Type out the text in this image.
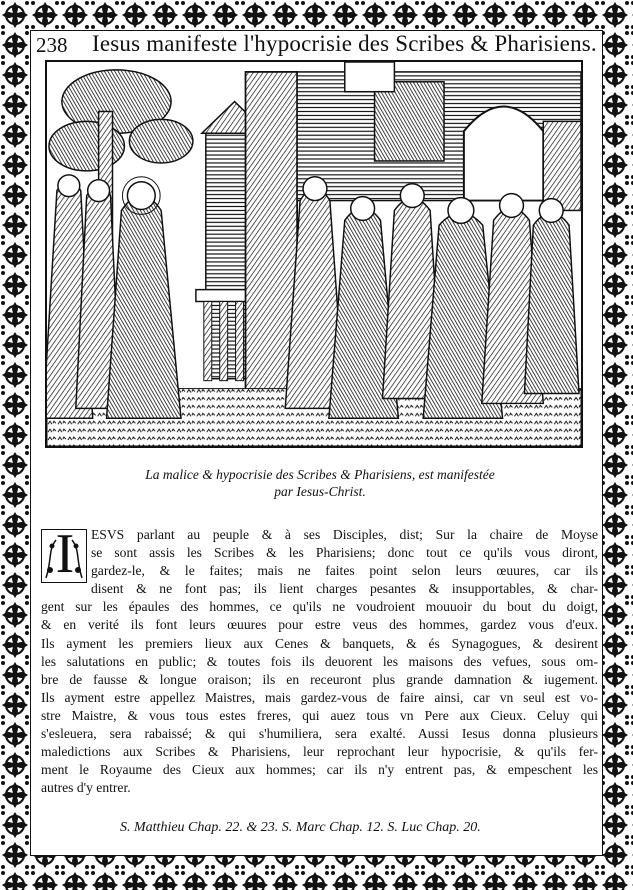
238 Iesus manifeste l'hypocrisie des Scribes & Pharisiens.
La malice & hypocrisie des Scribes & Pharisiens, est manifestée
par Iesus-Christ.
I	ESVS parlant au peuple & à ses Disciples, dist; Sur la chaire de Moyse
se sont assis les Scribes & les Pharisiens; donc tout ce qu'ils vous diront,
gardez-le, & le faites; mais ne faites point selon leurs œuures, car ils
disent & ne font pas; ils lient charges pesantes & insupportables, & char-
gent sur les épaules des hommes, ce qu'ils ne voudroient mouuoir du bout du doigt,
& en verité ils font leurs œuures pour estre veus des hommes, gardez vous d'eux.
Ils ayment les premiers lieux aux Cenes & banquets, & és Synagogues, & desirent
les salutations en public; & toutes fois ils deuorent les maisons des vefues, sous om-
bre de fausse & longue oraison; ils en receuront plus grande damnation & iugement.
Ils ayment estre appellez Maistres, mais gardez-vous de faire ainsi, car vn seul est vo-
stre Maistre, & vous tous estes freres, qui auez tous vn Pere aux Cieux. Celuy qui
s'esleuera, sera rabaissé; & qui s'humiliera, sera exalté. Aussi Iesus donna plusieurs
maledictions aux Scribes & Pharisiens, leur reprochant leur hypocrisie, & qu'ils fer-
ment le Royaume des Cieux aux hommes; car ils n'y entrent pas, & empeschent les
autres d'y entrer.
S. Matthieu Chap. 22. & 23. S. Marc Chap. 12. S. Luc Chap. 20.
